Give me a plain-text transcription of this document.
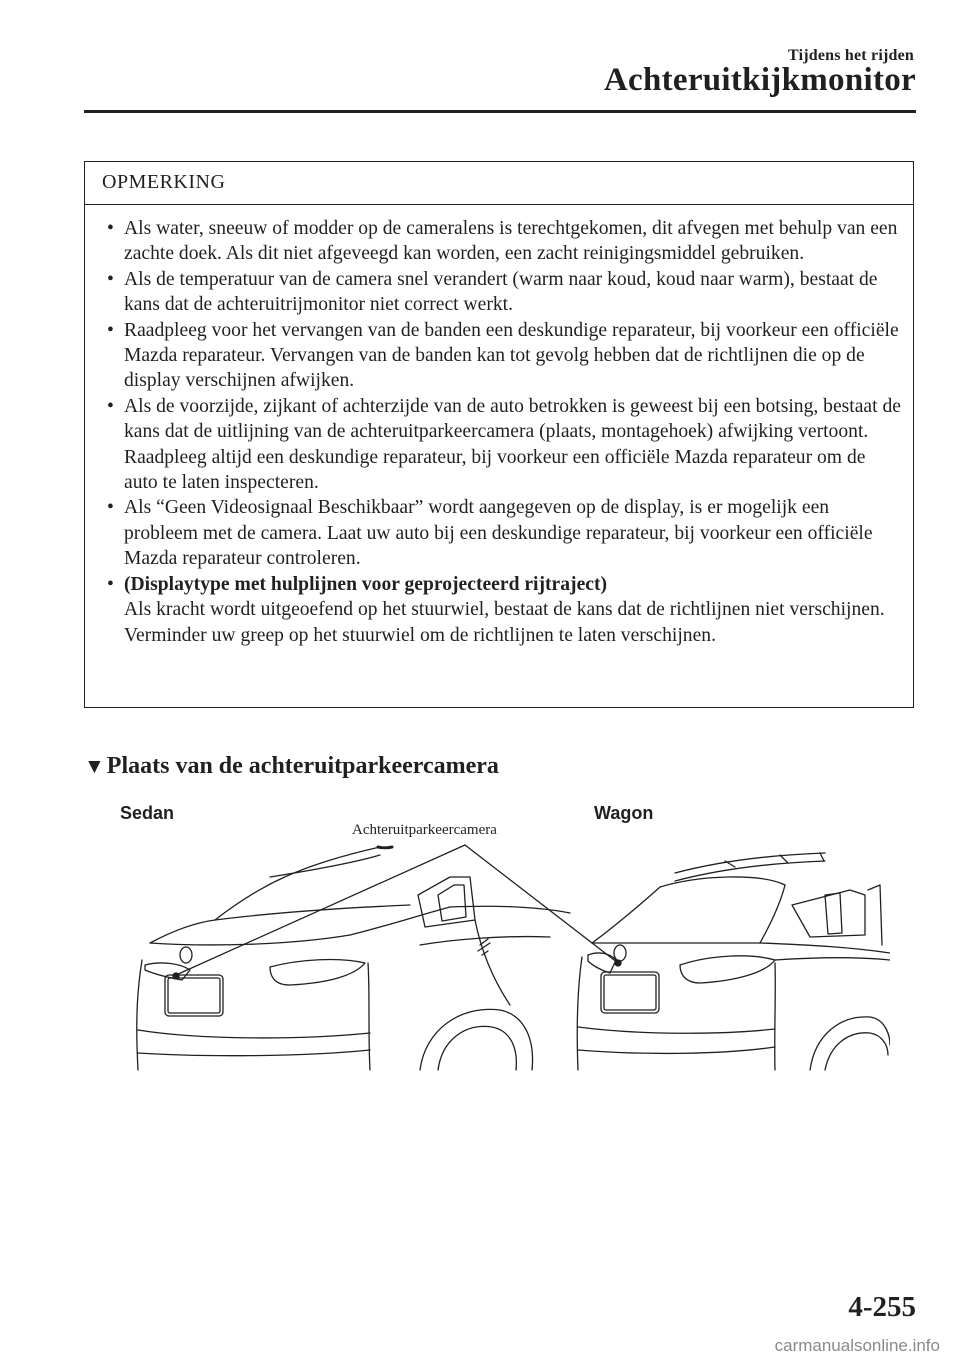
Tijdens het rijden
Achteruitkijkmonitor
OPMERKING
• Als water, sneeuw of modder op de cameralens is terechtgekomen, dit afvegen met behulp van een zachte doek. Als dit niet afgeveegd kan worden, een zacht reinigingsmiddel gebruiken.
• Als de temperatuur van de camera snel verandert (warm naar koud, koud naar warm), bestaat de kans dat de achteruitrijmonitor niet correct werkt.
• Raadpleeg voor het vervangen van de banden een deskundige reparateur, bij voorkeur een officiële Mazda reparateur. Vervangen van de banden kan tot gevolg hebben dat de richtlijnen die op de display verschijnen afwijken.
• Als de voorzijde, zijkant of achterzijde van de auto betrokken is geweest bij een botsing, bestaat de kans dat de uitlijning van de achteruitparkeercamera (plaats, montagehoek) afwijking vertoont. Raadpleeg altijd een deskundige reparateur, bij voorkeur een officiële Mazda reparateur om de auto te laten inspecteren.
• Als “Geen Videosignaal Beschikbaar” wordt aangegeven op de display, is er mogelijk een probleem met de camera. Laat uw auto bij een deskundige reparateur, bij voorkeur een officiële Mazda reparateur controleren.
• (Displaytype met hulplijnen voor geprojecteerd rijtraject)
Als kracht wordt uitgeoefend op het stuurwiel, bestaat de kans dat de richtlijnen niet verschijnen. Verminder uw greep op het stuurwiel om de richtlijnen te laten verschijnen.
▼Plaats van de achteruitparkeercamera
Sedan	Wagon
Achteruitparkeercamera
4-255
carmanualsonline.info
